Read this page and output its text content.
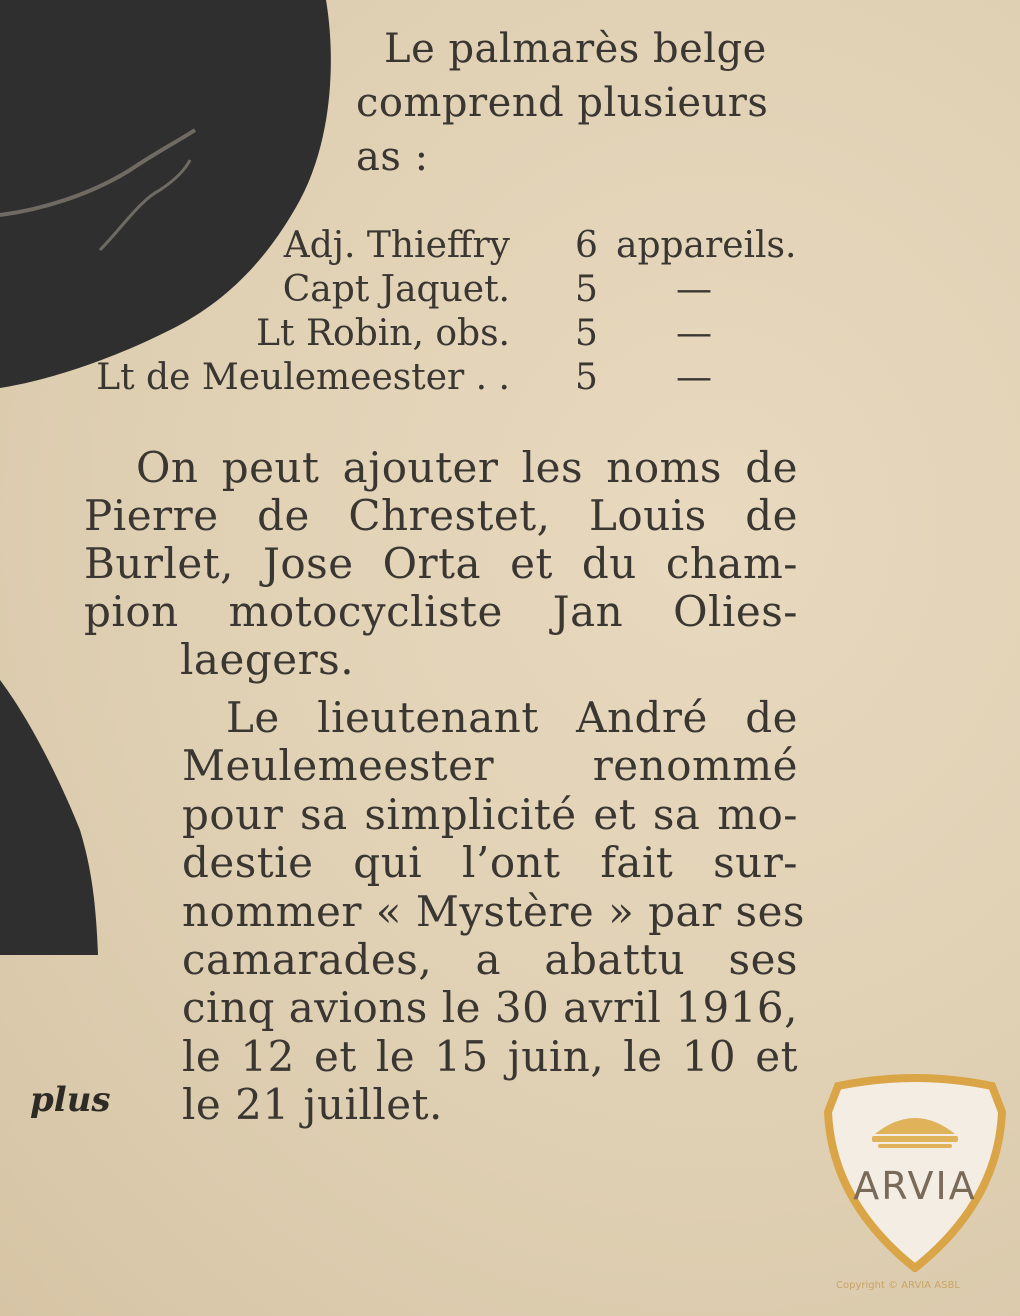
Le palmarès belge
comprend plusieurs
as :
Adj. Thieffry 6 appareils.
Capt Jaquet. 5 —
Lt Robin, obs. 5 —
Lt de Meulemeester . . 5 —
On peut ajouter les noms de
Pierre de Chrestet, Louis de
Burlet, Jose Orta et du cham-
pion motocycliste Jan Olies-
laegers.
Le lieutenant André de
Meulemeester renommé
pour sa simplicité et sa mo-
destie qui l’ont fait sur-
nommer « Mystère » par ses
camarades, a abattu ses
cinq avions le 30 avril 1916,
le 12 et le 15 juin, le 10 et
le 21 juillet.
plus
ARVIA
Copyright © ARVIA ASBL
